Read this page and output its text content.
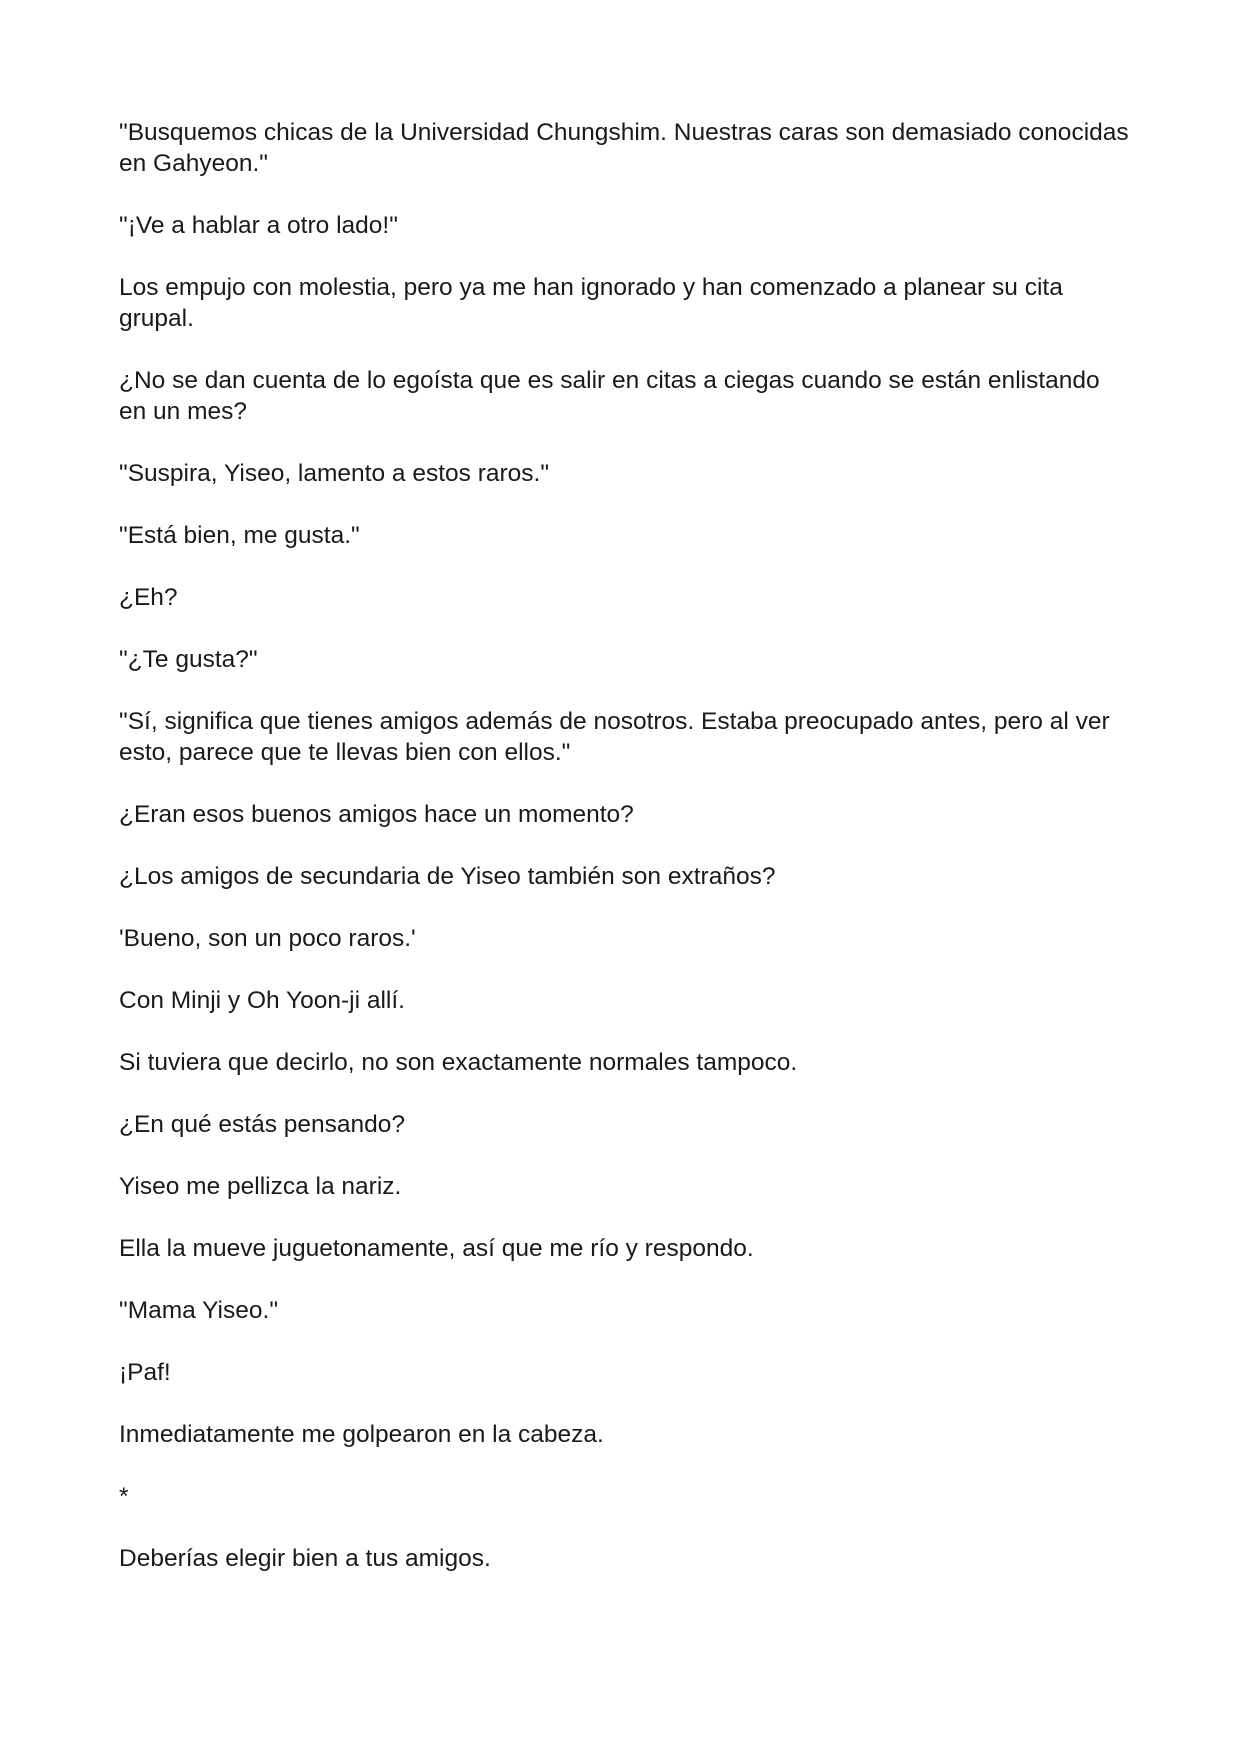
"Busquemos chicas de la Universidad Chungshim. Nuestras caras son demasiado conocidas en Gahyeon."

"¡Ve a hablar a otro lado!"

Los empujo con molestia, pero ya me han ignorado y han comenzado a planear su cita grupal.

¿No se dan cuenta de lo egoísta que es salir en citas a ciegas cuando se están enlistando en un mes?

"Suspira, Yiseo, lamento a estos raros."

"Está bien, me gusta."

¿Eh?

"¿Te gusta?"

"Sí, significa que tienes amigos además de nosotros. Estaba preocupado antes, pero al ver esto, parece que te llevas bien con ellos."

¿Eran esos buenos amigos hace un momento?

¿Los amigos de secundaria de Yiseo también son extraños?

'Bueno, son un poco raros.'

Con Minji y Oh Yoon-ji allí.

Si tuviera que decirlo, no son exactamente normales tampoco.

¿En qué estás pensando?

Yiseo me pellizca la nariz.

Ella la mueve juguetonamente, así que me río y respondo.

"Mama Yiseo."

¡Paf!

Inmediatamente me golpearon en la cabeza.

*

Deberías elegir bien a tus amigos.
